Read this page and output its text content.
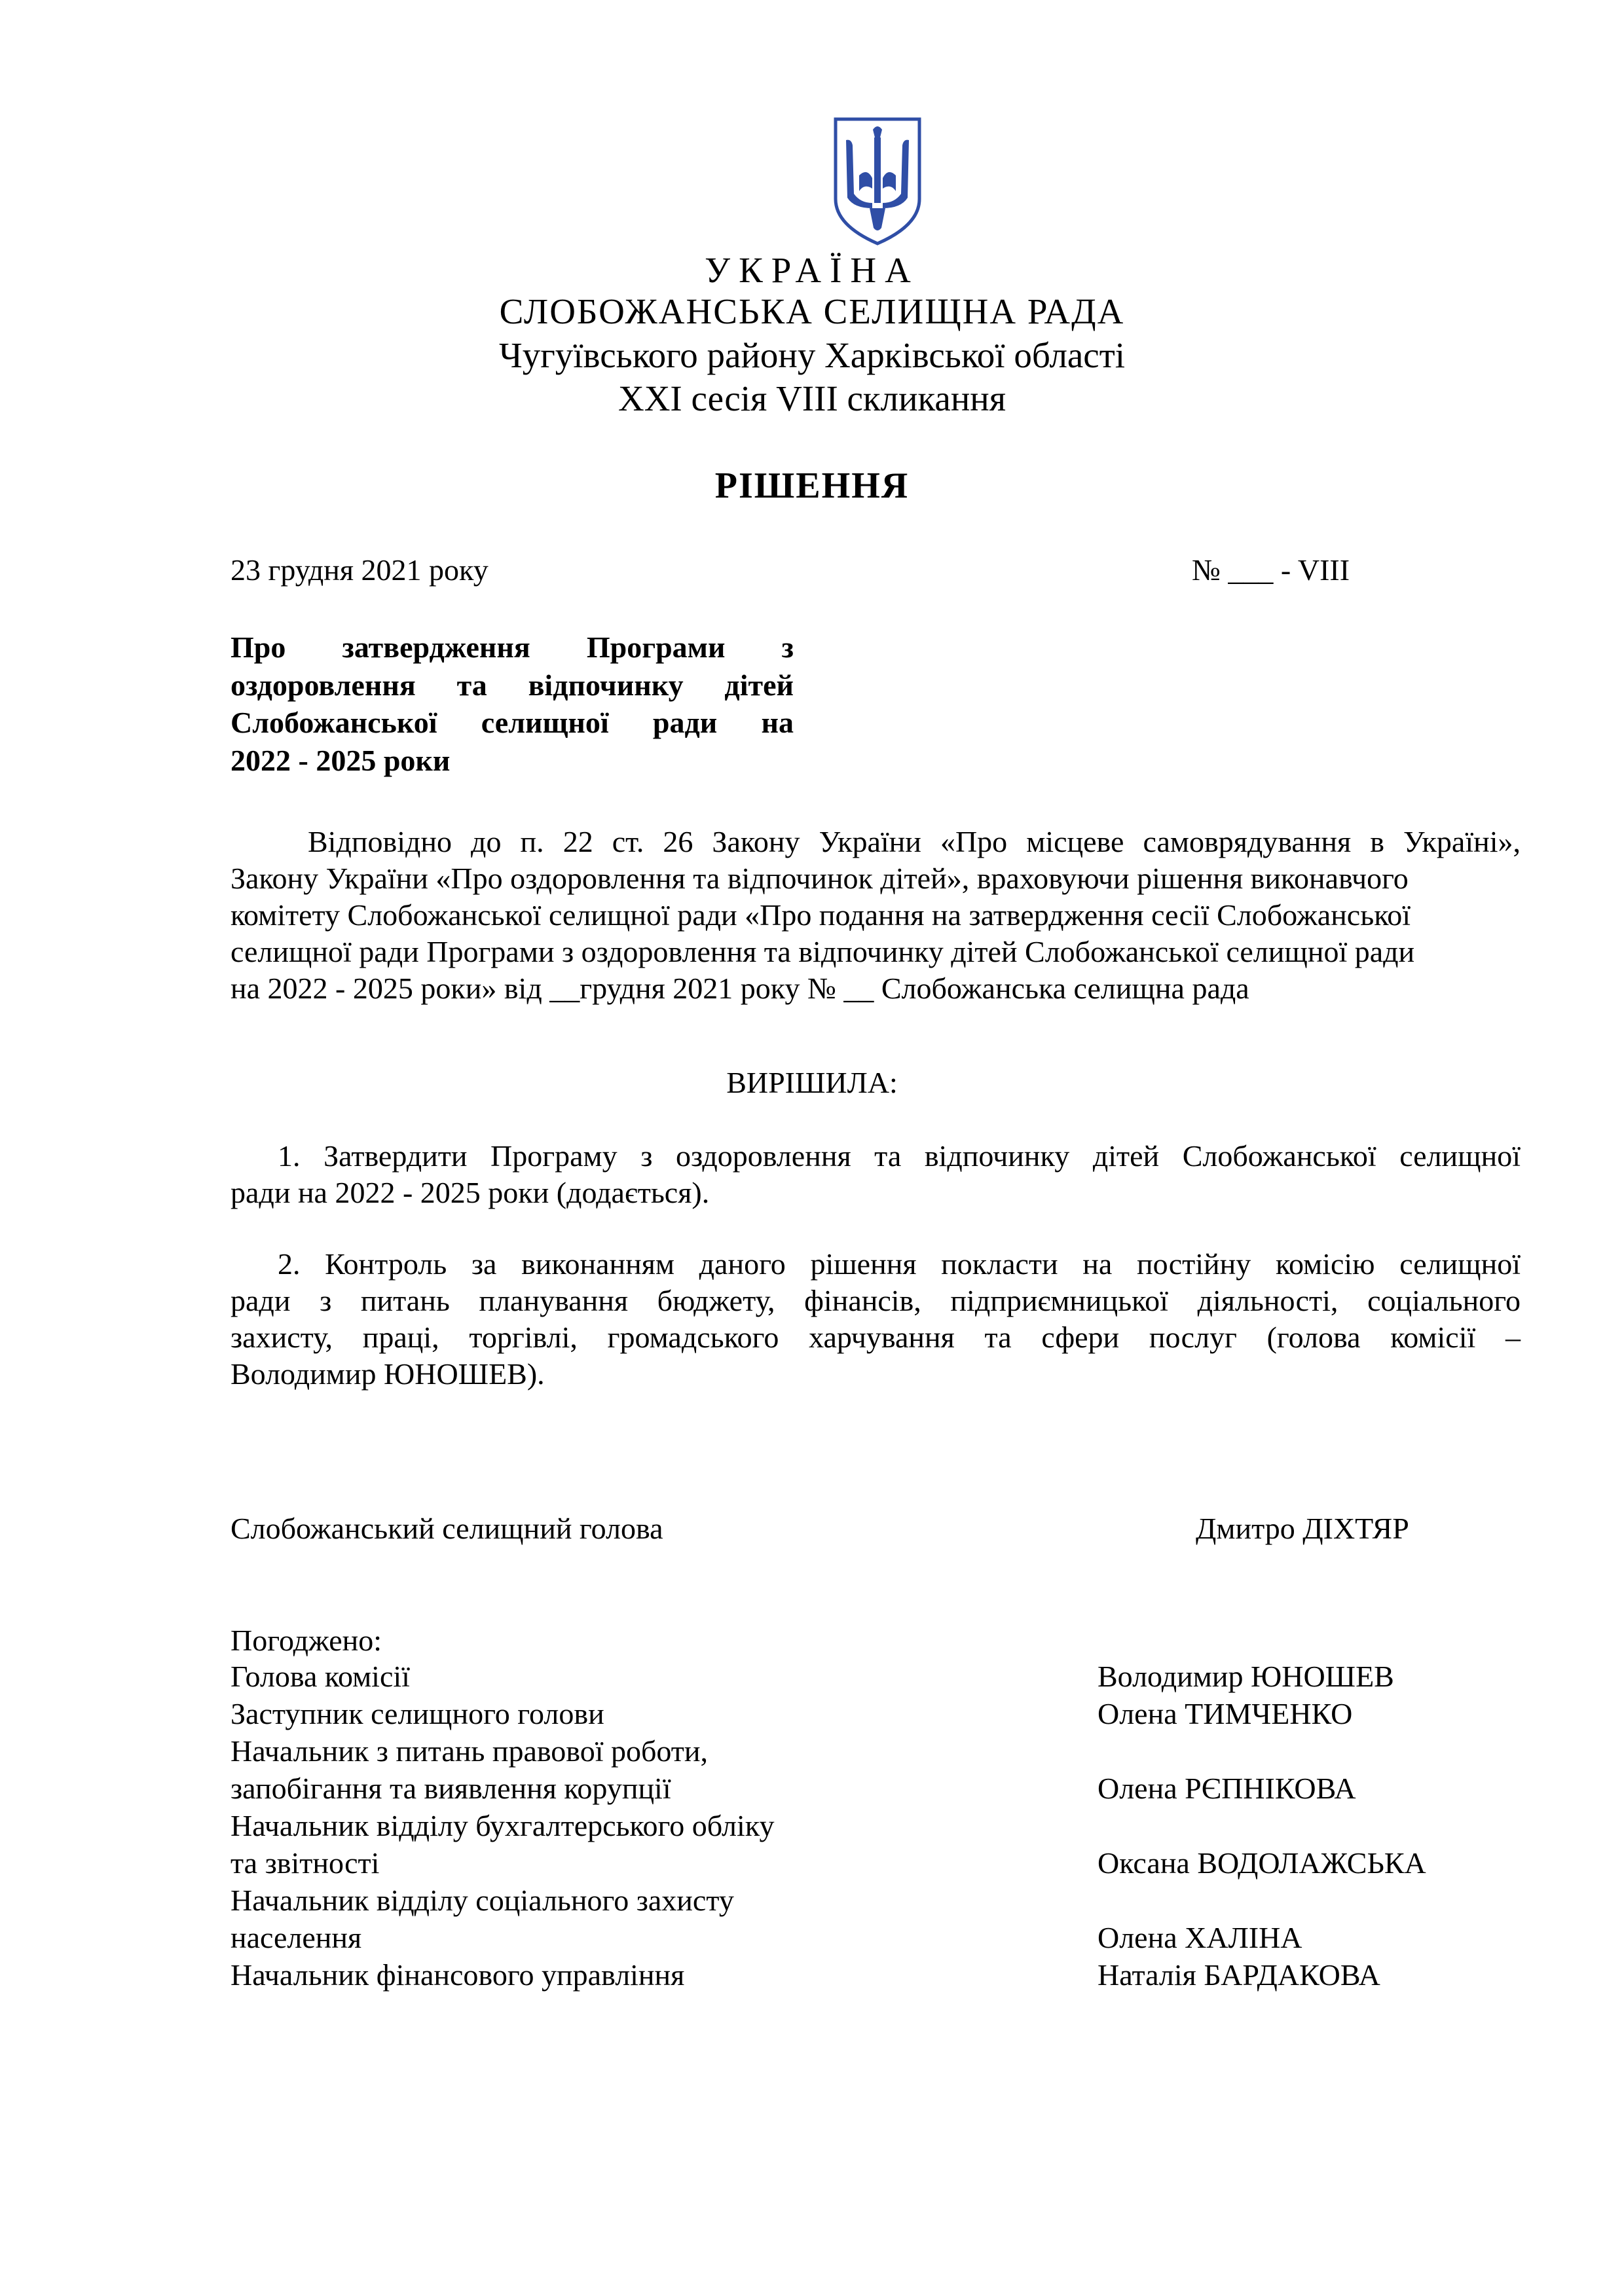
УКРАЇНА
СЛОБОЖАНСЬКА СЕЛИЩНА РАДА
Чугуївського району Харківської області
XXI сесія VIII скликання
РІШЕННЯ
23 грудня 2021 року	№ ___ - VIII
Про затвердження Програми з
оздоровлення та відпочинку дітей
Слобожанської селищної ради на
2022 - 2025 роки
Відповідно до п. 22 ст. 26 Закону України «Про місцеве самоврядування в Україні»,
Закону України «Про оздоровлення та відпочинок дітей», враховуючи рішення виконавчого
комітету Слобожанської селищної ради «Про подання на затвердження сесії Слобожанської
селищної ради Програми з оздоровлення та відпочинку дітей Слобожанської селищної ради
на 2022 - 2025 роки» від __грудня 2021 року № __ Слобожанська селищна рада
ВИРІШИЛА:
1. Затвердити Програму з оздоровлення та відпочинку дітей Слобожанської селищної
ради на 2022 - 2025 роки (додається).
2. Контроль за виконанням даного рішення покласти на постійну комісію селищної
ради з питань планування бюджету, фінансів, підприємницької діяльності, соціального
захисту, праці, торгівлі, громадського харчування та сфери послуг (голова комісії –
Володимир ЮНОШЕВ).
Слобожанський селищний голова	Дмитро ДІХТЯР
Погоджено:
Голова комісії	Володимир ЮНОШЕВ
Заступник селищного голови	Олена ТИМЧЕНКО
Начальник з питань правової роботи,
запобігання та виявлення корупції	Олена РЄПНІКОВА
Начальник відділу бухгалтерського обліку
та звітності	Оксана ВОДОЛАЖСЬКА
Начальник відділу соціального захисту
населення	Олена ХАЛІНА
Начальник фінансового управління	Наталія БАРДАКОВА
